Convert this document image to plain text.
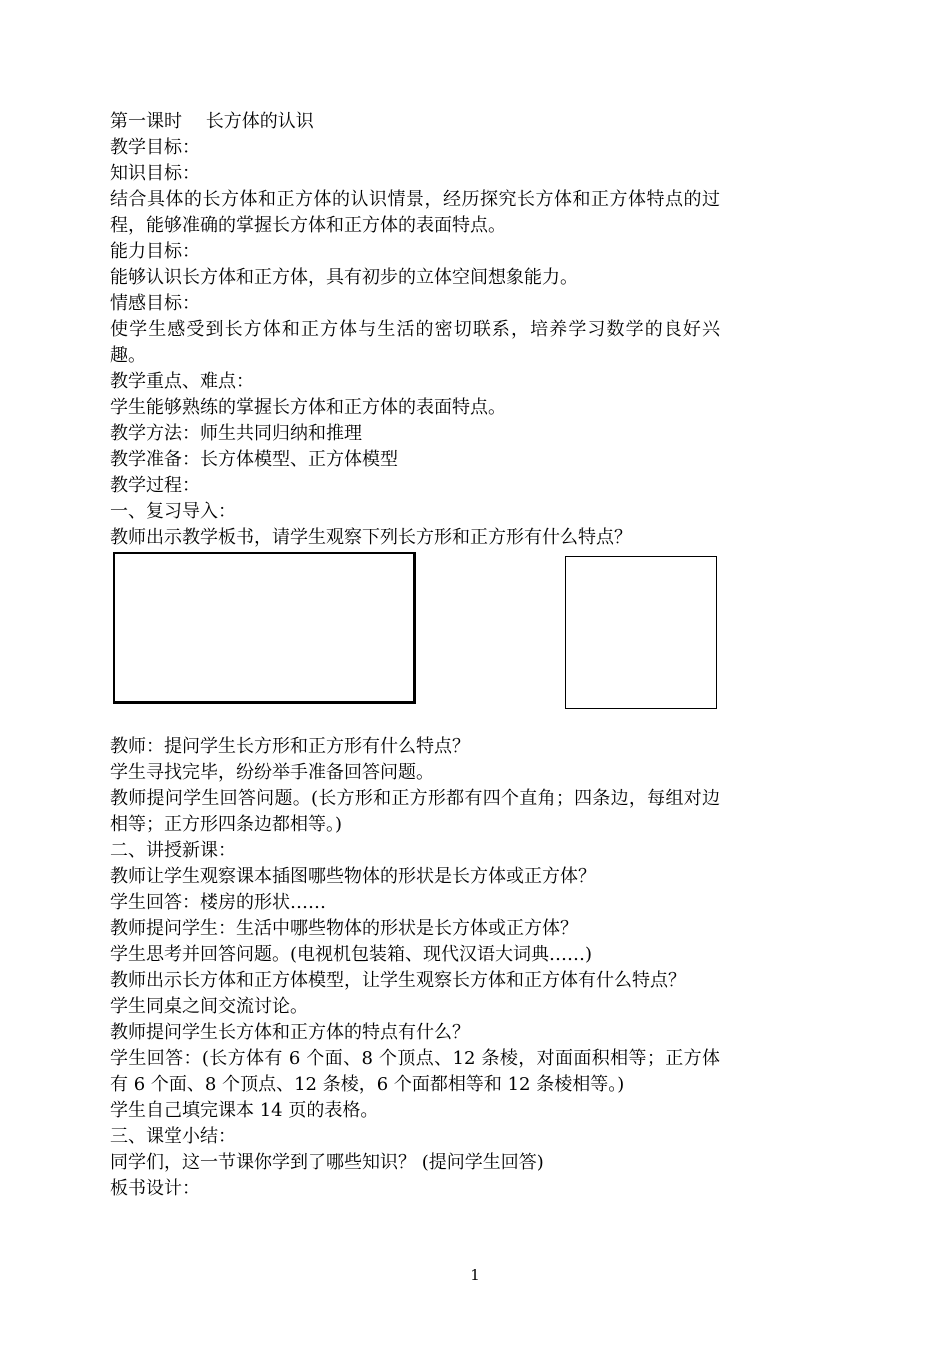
第一课时　 长方体的认识
教学目标：
知识目标：
结合具体的长方体和正方体的认识情景，经历探究长方体和正方体特点的过程，能够准确的掌握长方体和正方体的表面特点。
能力目标：
能够认识长方体和正方体，具有初步的立体空间想象能力。
情感目标：
使学生感受到长方体和正方体与生活的密切联系，培养学习数学的良好兴趣。
教学重点、难点：
学生能够熟练的掌握长方体和正方体的表面特点。
教学方法：师生共同归纳和推理
教学准备：长方体模型、正方体模型
教学过程：
一、复习导入：
教师出示教学板书，请学生观察下列长方形和正方形有什么特点？
教师：提问学生长方形和正方形有什么特点？
学生寻找完毕，纷纷举手准备回答问题。
教师提问学生回答问题。(长方形和正方形都有四个直角；四条边，每组对边相等；正方形四条边都相等。)
二、讲授新课：
教师让学生观察课本插图哪些物体的形状是长方体或正方体？
学生回答：楼房的形状……
教师提问学生：生活中哪些物体的形状是长方体或正方体？
学生思考并回答问题。(电视机包装箱、现代汉语大词典……)
教师出示长方体和正方体模型，让学生观察长方体和正方体有什么特点？
学生同桌之间交流讨论。
教师提问学生长方体和正方体的特点有什么？
学生回答：(长方体有 6 个面、8 个顶点、12 条棱，对面面积相等；正方体有 6 个面、8 个顶点、12 条棱，6 个面都相等和 12 条棱相等。)
学生自己填完课本 14 页的表格。
三、课堂小结：
同学们，这一节课你学到了哪些知识？ (提问学生回答)
板书设计：
1
